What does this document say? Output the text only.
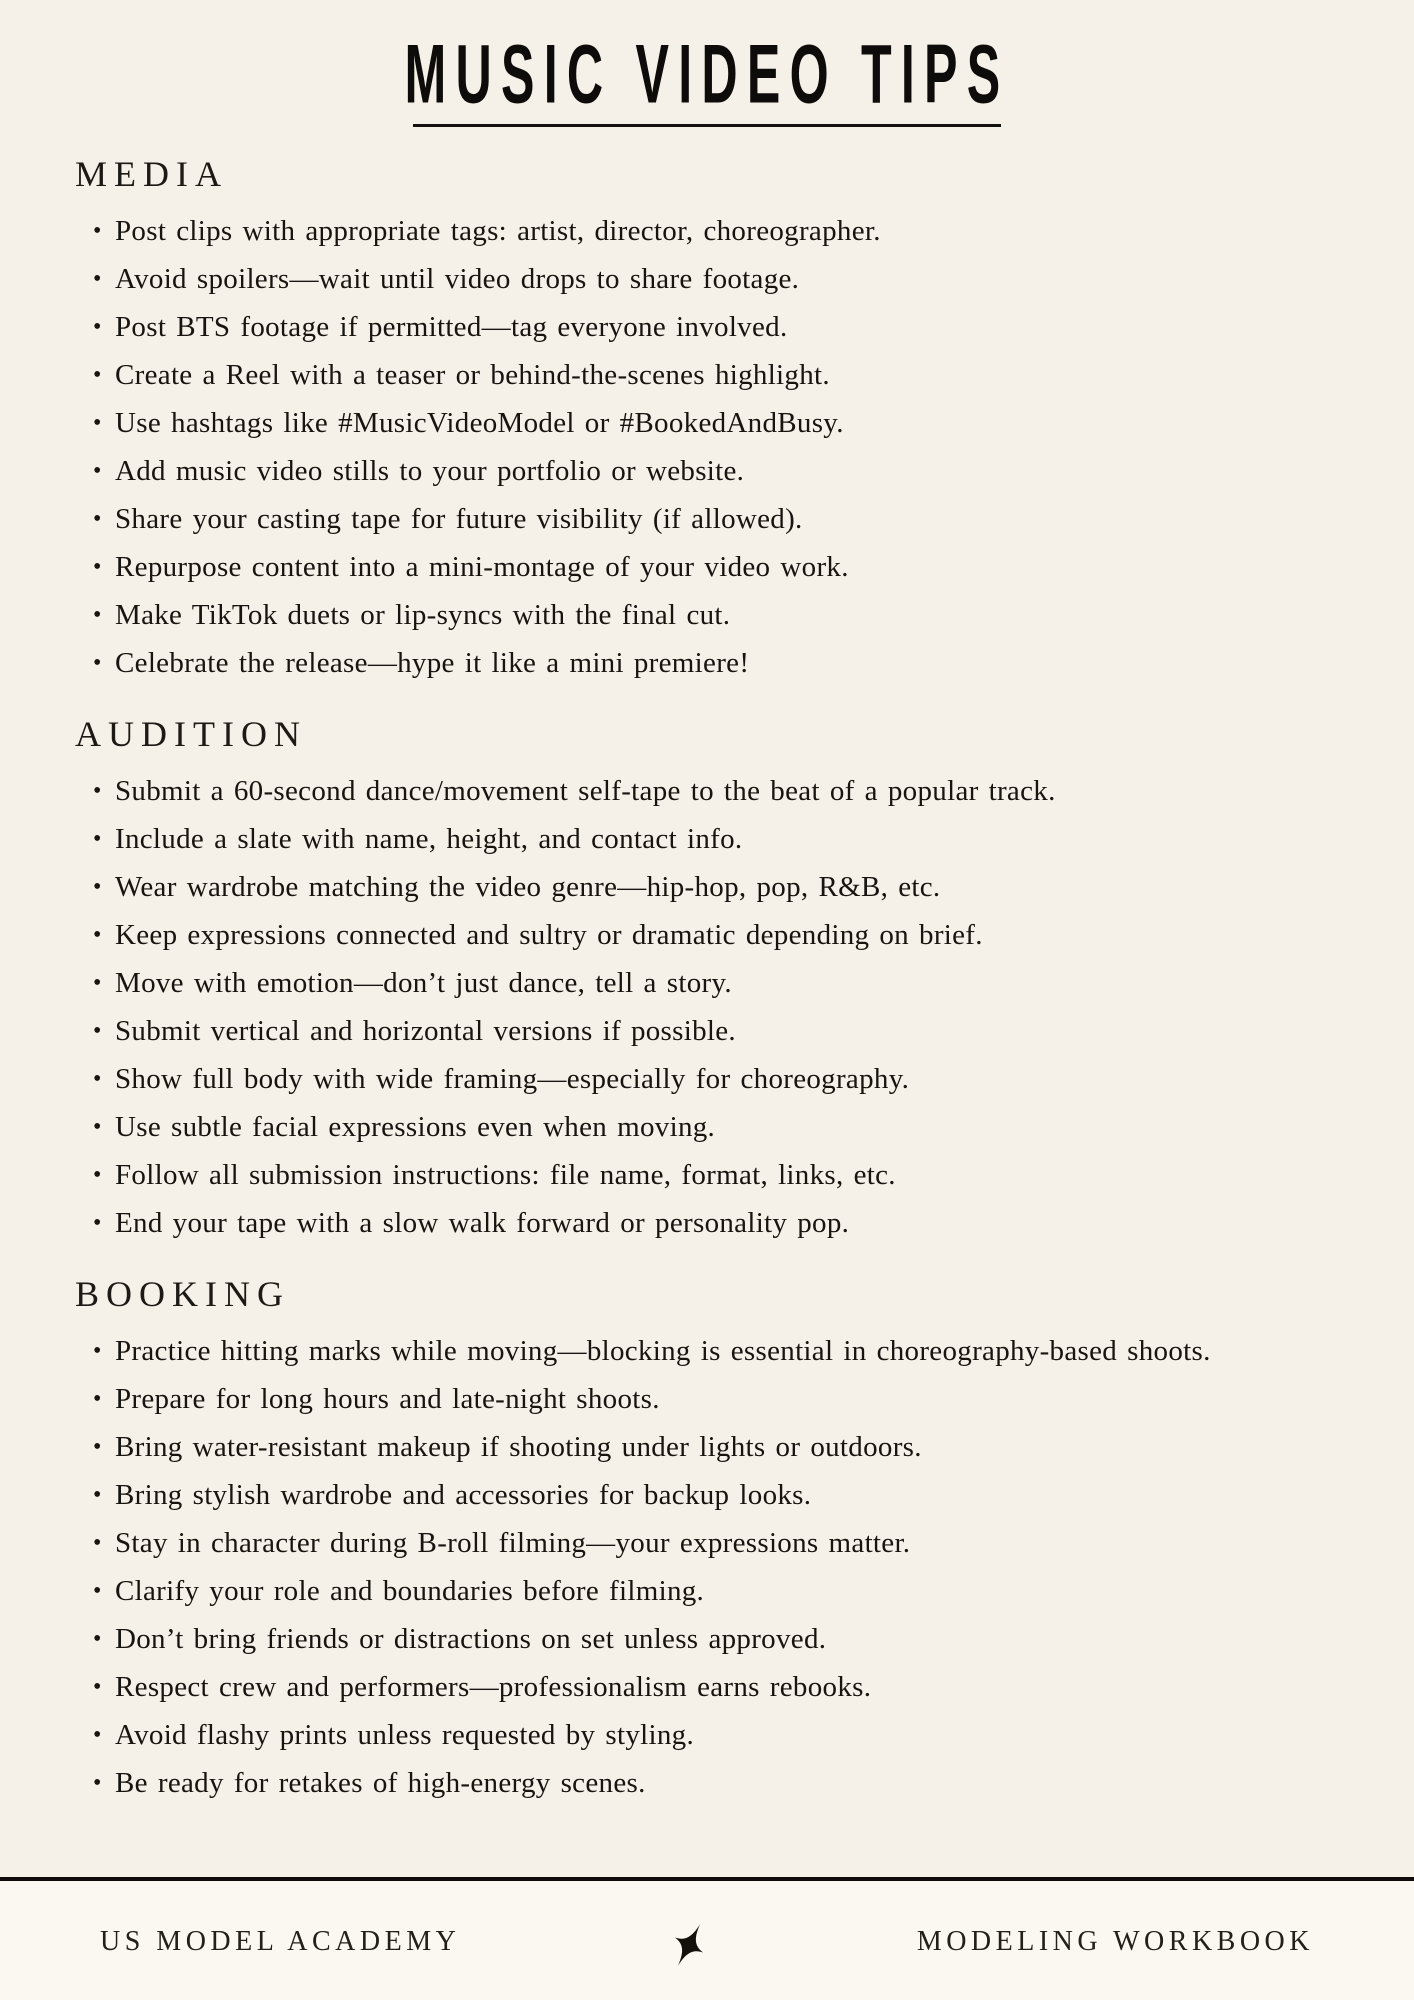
MUSIC VIDEO TIPS
MEDIA
• Post clips with appropriate tags: artist, director, choreographer.
• Avoid spoilers—wait until video drops to share footage.
• Post BTS footage if permitted—tag everyone involved.
• Create a Reel with a teaser or behind-the-scenes highlight.
• Use hashtags like #MusicVideoModel or #BookedAndBusy.
• Add music video stills to your portfolio or website.
• Share your casting tape for future visibility (if allowed).
• Repurpose content into a mini-montage of your video work.
• Make TikTok duets or lip-syncs with the final cut.
• Celebrate the release—hype it like a mini premiere!
AUDITION
• Submit a 60-second dance/movement self-tape to the beat of a popular track.
• Include a slate with name, height, and contact info.
• Wear wardrobe matching the video genre—hip-hop, pop, R&B, etc.
• Keep expressions connected and sultry or dramatic depending on brief.
• Move with emotion—don’t just dance, tell a story.
• Submit vertical and horizontal versions if possible.
• Show full body with wide framing—especially for choreography.
• Use subtle facial expressions even when moving.
• Follow all submission instructions: file name, format, links, etc.
• End your tape with a slow walk forward or personality pop.
BOOKING
• Practice hitting marks while moving—blocking is essential in choreography-based shoots.
• Prepare for long hours and late-night shoots.
• Bring water-resistant makeup if shooting under lights or outdoors.
• Bring stylish wardrobe and accessories for backup looks.
• Stay in character during B-roll filming—your expressions matter.
• Clarify your role and boundaries before filming.
• Don’t bring friends or distractions on set unless approved.
• Respect crew and performers—professionalism earns rebooks.
• Avoid flashy prints unless requested by styling.
• Be ready for retakes of high-energy scenes.
US MODEL ACADEMY	MODELING WORKBOOK
